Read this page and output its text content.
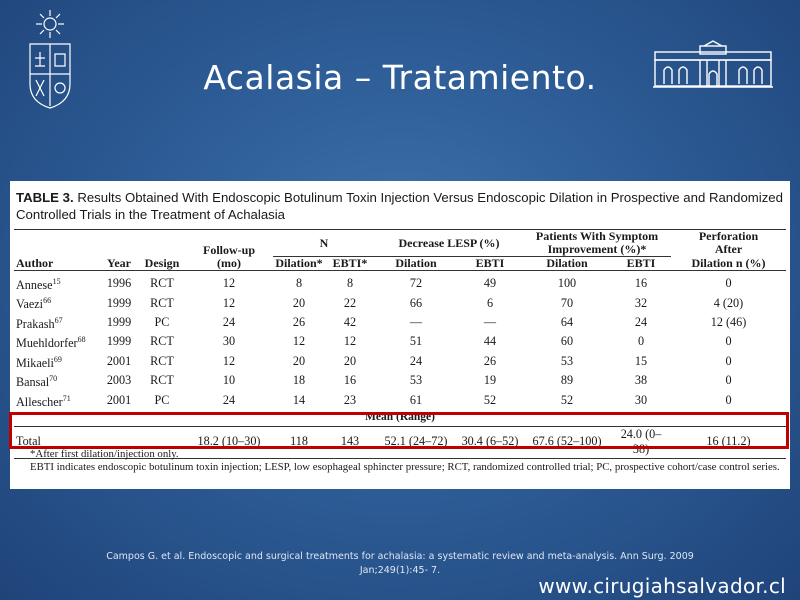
Acalasia – Tratamiento.
TABLE 3. Results Obtained With Endoscopic Botulinum Toxin Injection Versus Endoscopic Dilation in Prospective and Randomized Controlled Trials in the Treatment of Achalasia
			Follow-up	N		Decrease LESP (%)		Patients With Symptom
Improvement (%)*		Perforation
After
Author	Year	Design	(mo)	Dilation*	EBTI*	Dilation	EBTI	Dilation	EBTI	Dilation n (%)
Annese$^{15}$	1996	RCT	12	8	8	72	49	100	16	0
Vaezi$^{66}$	1999	RCT	12	20	22	66	6	70	32	4 (20)
Prakash$^{67}$	1999	PC	24	26	42	—	—	64	24	12 (46)
Muehldorfer$^{68}$	1999	RCT	30	12	12	51	44	60	0	0
Mikaeli$^{69}$	2001	RCT	12	20	20	24	26	53	15	0
Bansal$^{70}$	2003	RCT	10	18	16	53	19	89	38	0
Allescher$^{71}$	2001	PC	24	14	23	61	52	52	30	0
Mean (Range)										
Total			18.2 (10–30)	118	143	52.1 (24–72)	30.4 (6–52)	67.6 (52–100)	24.0 (0–38)	16 (11.2)
*After first dilation/injection only.
EBTI indicates endoscopic botulinum toxin injection; LESP, low esophageal sphincter pressure; RCT, randomized controlled trial; PC, prospective cohort/case control series.
Campos G. et al. Endoscopic and surgical treatments for achalasia: a systematic review and meta-analysis. Ann Surg. 2009 Jan;249(1):45- 7.
www.cirugiahsalvador.cl
